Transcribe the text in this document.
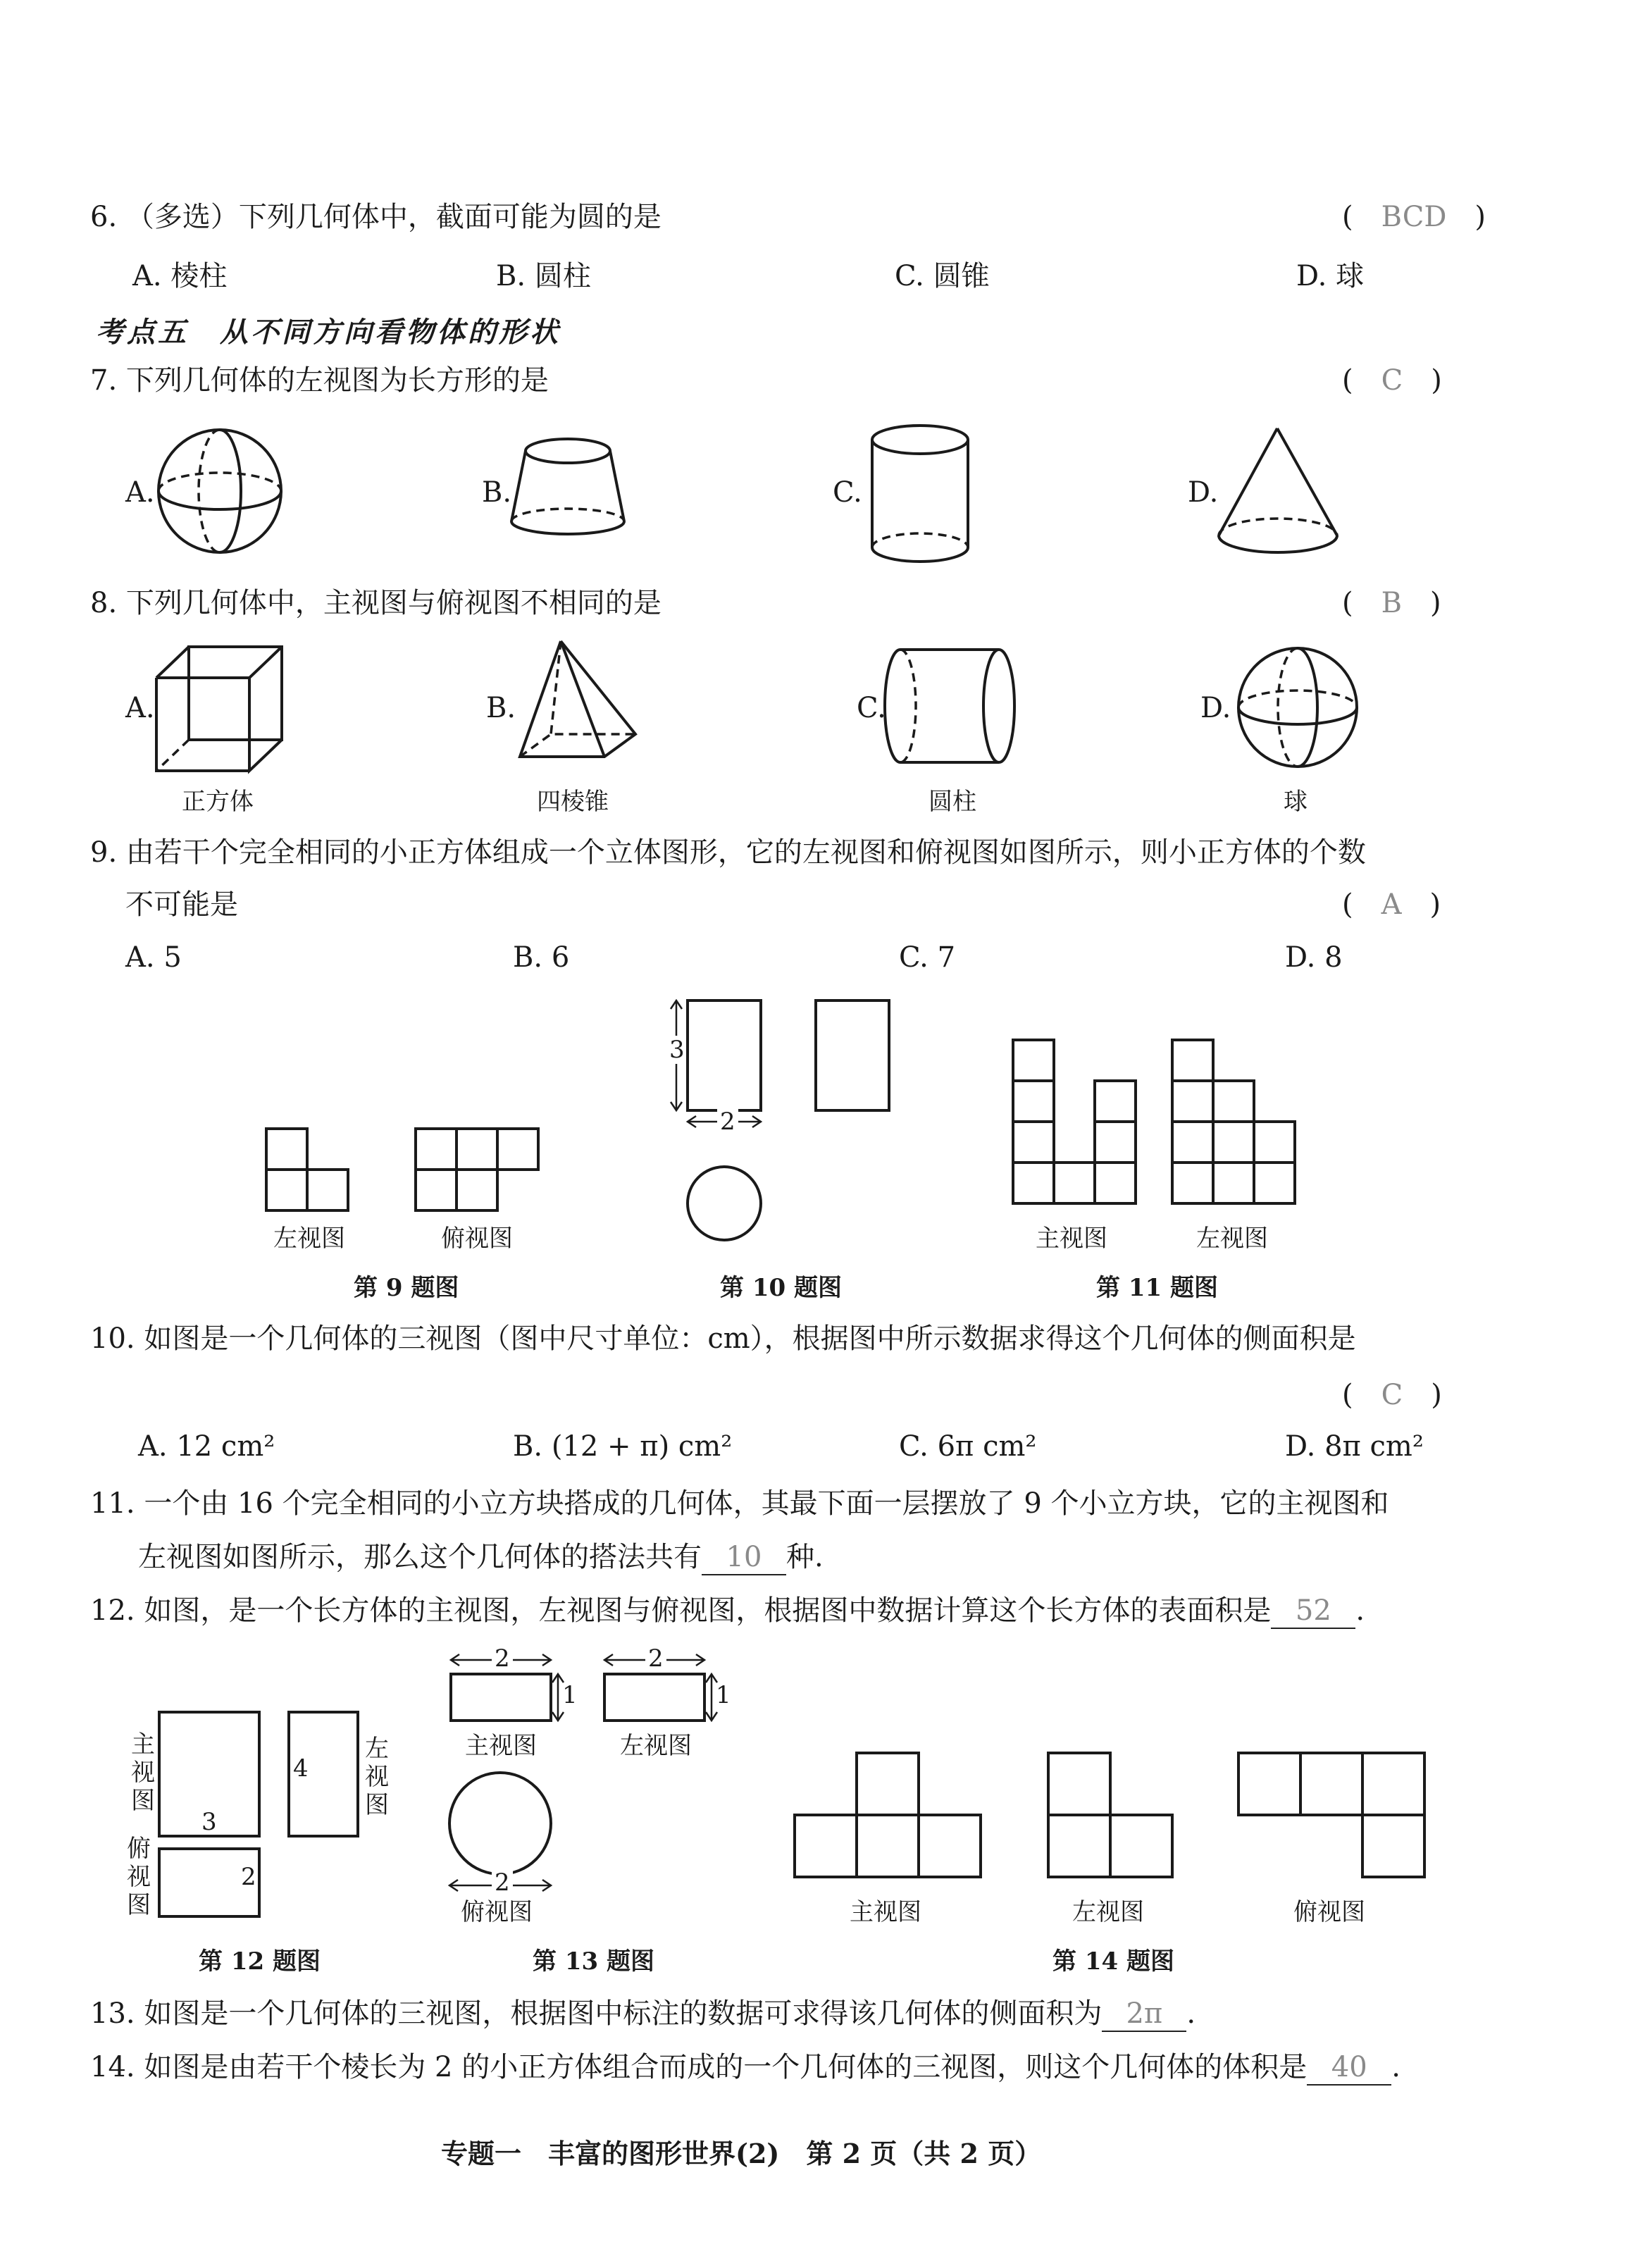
6. （多选）下列几何体中，截面可能为圆的是	(　BCD　)
A. 棱柱	B. 圆柱	C. 圆锥	D. 球
考点五　从不同方向看物体的形状
7. 下列几何体的左视图为长方形的是	(　C　)
A.	B.	C.	D.
8. 下列几何体中，主视图与俯视图不相同的是	(　B　)
A.	B.	C.	D.
正方体	四棱锥	圆柱	球
9. 由若干个完全相同的小正方体组成一个立体图形，它的左视图和俯视图如图所示，则小正方体的个数
不可能是	(　A　)
A. 5	B. 6	C. 7	D. 8
3
2
左视图	俯视图
第 9 题图	第 10 题图
主视图	左视图
第 11 题图
10. 如图是一个几何体的三视图（图中尺寸单位：cm），根据图中所示数据求得这个几何体的侧面积是
(　C　)
A. 12 cm²	B. (12 + π) cm²	C. 6π cm²	D. 8π cm²
11. 一个由 16 个完全相同的小立方块搭成的几何体，其最下面一层摆放了 9 个小立方块，它的主视图和
左视图如图所示，那么这个几何体的搭法共有 10 种.
12. 如图，是一个长方体的主视图，左视图与俯视图，根据图中数据计算这个长方体的表面积是 52 .
主视图
左视图
俯视图
3
4
2
第 12 题图
2
1
2
1
主视图	左视图
2
俯视图
第 13 题图
主视图	左视图	俯视图
第 14 题图
13. 如图是一个几何体的三视图，根据图中标注的数据可求得该几何体的侧面积为 2π .
14. 如图是由若干个棱长为 2 的小正方体组合而成的一个几何体的三视图，则这个几何体的体积是 40 .
专题一　丰富的图形世界(2)　第 2 页（共 2 页）
